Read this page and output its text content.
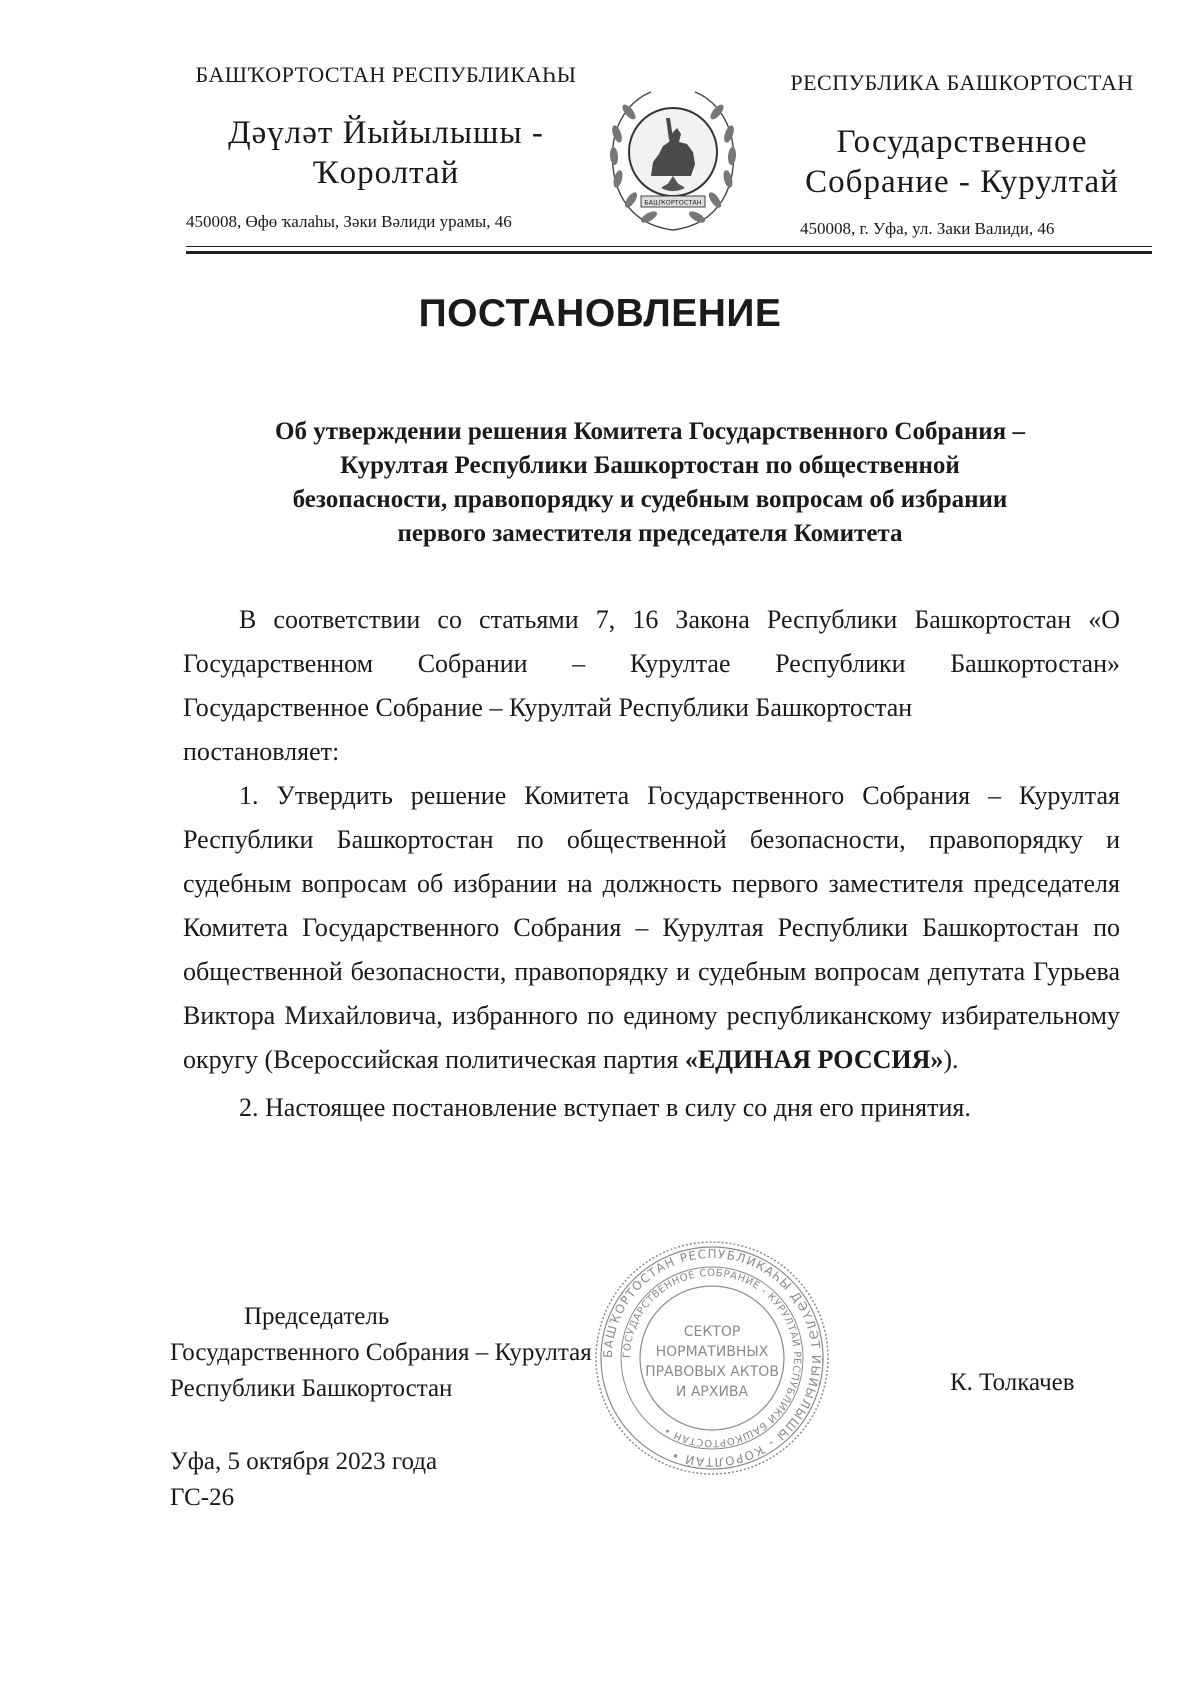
БАШҠОРТОСТАН РЕСПУБЛИКАҺЫ
Дәүләт Йыйылышы -
Ҡоролтай
450008, Өфө ҡалаһы, Зәки Вәлиди урамы, 46
РЕСПУБЛИКА БАШКОРТОСТАН
Государственное
Собрание - Курултай
450008, г. Уфа, ул. Заки Валиди, 46
БАШҠОРТОСТАН
ПОСТАНОВЛЕНИЕ
Об утверждении решения Комитета Государственного Собрания –
Курултая Республики Башкортостан по общественной
безопасности, правопорядку и судебным вопросам об избрании
первого заместителя председателя Комитета

В соответствии со статьями 7, 16 Закона Республики Башкортостан «О Государственном Собрании – Курултае Республики Башкортостан» Государственное Собрание – Курултай Республики Башкортостан

постановляет:

1. Утвердить решение Комитета Государственного Собрания – Курултая Республики Башкортостан по общественной безопасности, правопорядку и судебным вопросам об избрании на должность первого заместителя председателя Комитета Государственного Собрания – Курултая Республики Башкортостан по общественной безопасности, правопорядку и судебным вопросам депутата Гурьева Виктора Михайловича, избранного по единому республиканскому избирательному округу (Всероссийская политическая партия «ЕДИНАЯ РОССИЯ»).

2. Настоящее постановление вступает в силу со дня его принятия.

Председатель
Государственного Собрания – Курултая
Республики Башкортостан	К. Толкачев
Уфа, 5 октября 2023 года
ГС-26
БАШҠОРТОСТАН РЕСПУБЛИКАҺЫ ДӘҮЛӘТ ЙЫЙЫЛЫШЫ - ҠОРОЛТАЙ •
ГОСУДАРСТВЕННОЕ СОБРАНИЕ - КУРУЛТАЙ РЕСПУБЛИКИ БАШКОРТОСТАН •
СЕКТОР
НОРМАТИВНЫХ
ПРАВОВЫХ АКТОВ
И АРХИВА
